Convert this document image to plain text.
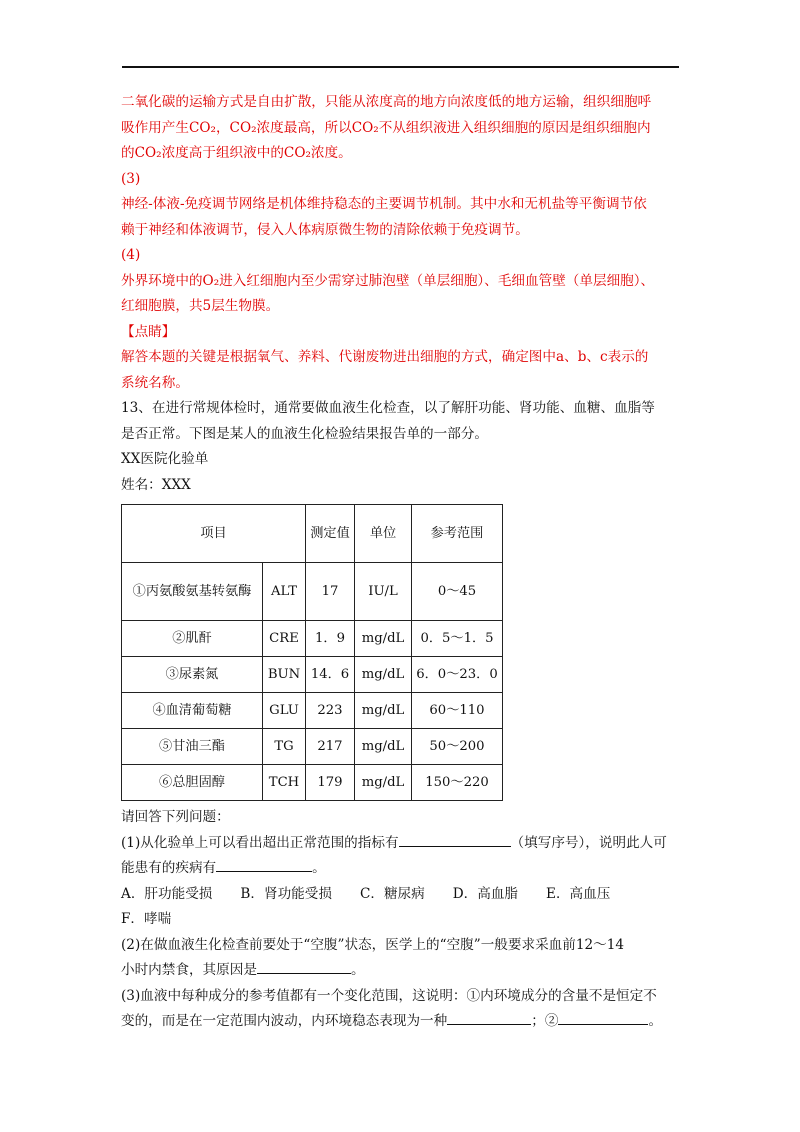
二氧化碳的运输方式是自由扩散，只能从浓度高的地方向浓度低的地方运输，组织细胞呼

吸作用产生CO₂，CO₂浓度最高，所以CO₂不从组织液进入组织细胞的原因是组织细胞内

的CO₂浓度高于组织液中的CO₂浓度。

(3)

神经-体液-免疫调节网络是机体维持稳态的主要调节机制。其中水和无机盐等平衡调节依

赖于神经和体液调节，侵入人体病原微生物的清除依赖于免疫调节。

(4)

外界环境中的O₂进入红细胞内至少需穿过肺泡壁（单层细胞）、毛细血管壁（单层细胞）、

红细胞膜，共5层生物膜。

【点睛】

解答本题的关键是根据氧气、养料、代谢废物进出细胞的方式，确定图中a、b、c表示的

系统名称。

13、在进行常规体检时，通常要做血液生化检查，以了解肝功能、肾功能、血糖、血脂等

是否正常。下图是某人的血液生化检验结果报告单的一部分。

XX医院化验单

姓名：XXX

项目		测定值	单位	参考范围
①丙氨酸氨基转氨酶	ALT	17	IU/L	0～45
②肌酐	CRE	1．9	mg/dL	0．5～1．5
③尿素氮	BUN	14．6	mg/dL	6．0～23．0
④血清葡萄糖	GLU	223	mg/dL	60～110
⑤甘油三酯	TG	217	mg/dL	50～200
⑥总胆固醇	TCH	179	mg/dL	150～220

请回答下列问题：

(1)从化验单上可以看出超出正常范围的指标有	（填写序号），说明此人可

能患有的疾病有	。

A．肝功能受损 B．肾功能受损 C．糖尿病 D．高血脂 E．高血压

F．哮喘

(2)在做血液生化检查前要处于“空腹”状态，医学上的“空腹”一般要求采血前12～14

小时内禁食，其原因是	。

(3)血液中每种成分的参考值都有一个变化范围，这说明：①内环境成分的含量不是恒定不

变的，而是在一定范围内波动，内环境稳态表现为一种	；②	。
